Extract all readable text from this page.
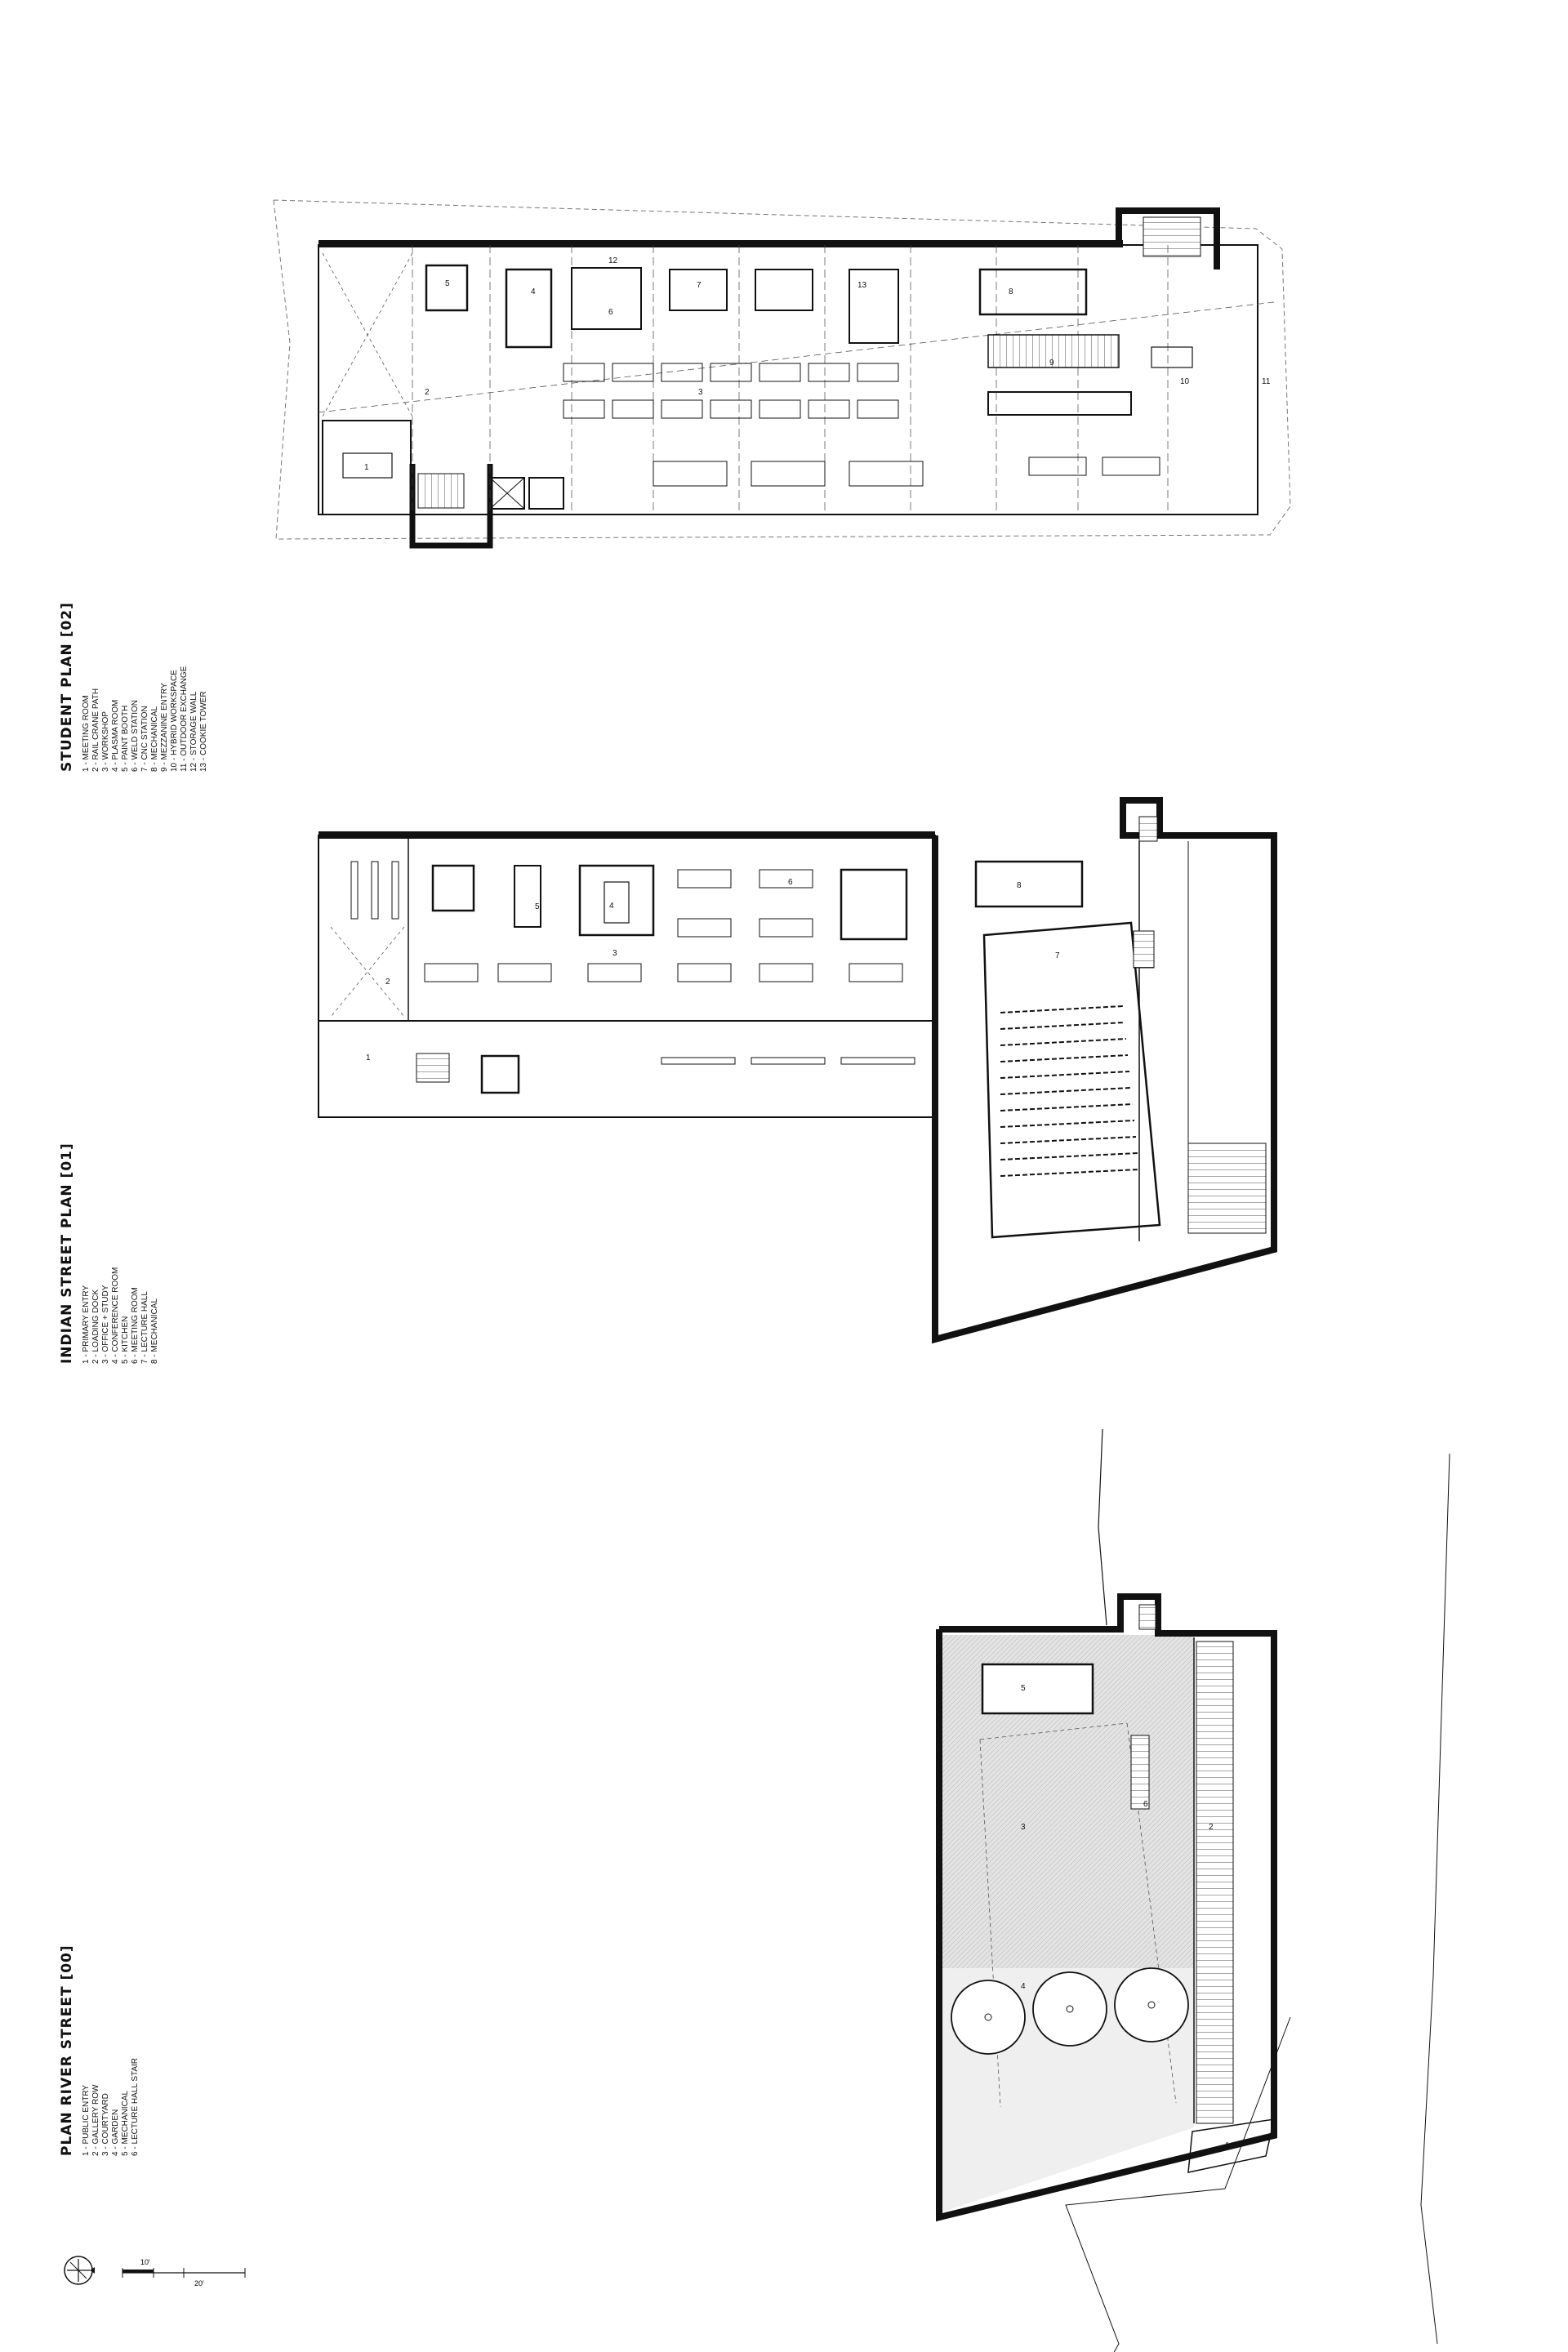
STUDENT PLAN [02] 1 - MEETING ROOM 2 - RAIL CRANE PATH 3 - WORKSHOP 4 - PLASMA ROOM 5 - PAINT BOOTH 6 - WELD STATION 7 - CNC STATION 8 - MECHANICAL 9 - MEZZANINE ENTRY 10 - HYBRID WORKSPACE 11 - OUTDOOR EXCHANGE 12 - STORAGE WALL 13 - COOKIE TOWER
INDIAN STREET PLAN [01] 1 - PRIMARY ENTRY 2 - LOADING DOCK 3 - OFFICE + STUDY 4 - CONFERENCE ROOM 5 - KITCHEN 6 - MEETING ROOM 7 - LECTURE HALL 8 - MECHANICAL
PLAN RIVER STREET [00] 1 - PUBLIC ENTRY 2 - GALLERY ROW 3 - COURTYARD 4 - GARDEN 5 - MECHANICAL 6 - LECTURE HALL STAIR
1
2	3
4
5
6
7
8
9
10	11
12
13
1
2
3
4
5
6
7
8
1
2
3
4
5
6
10'
20'
